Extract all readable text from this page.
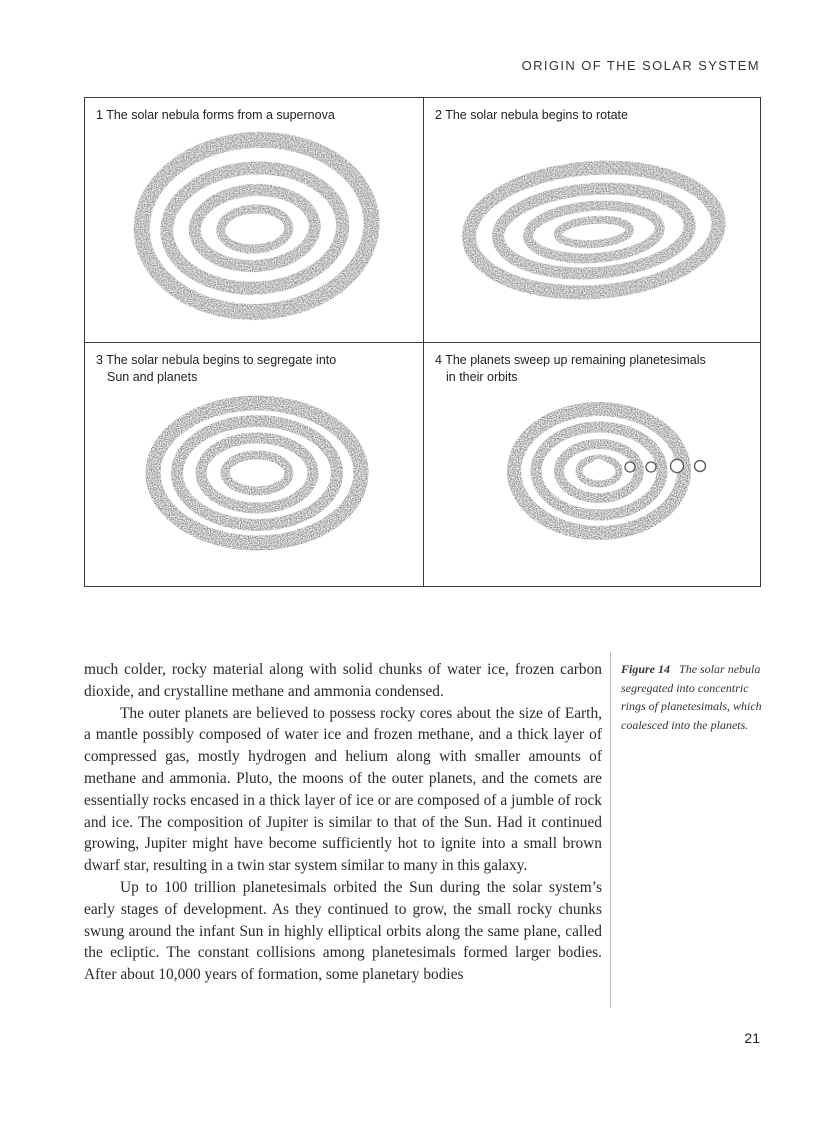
ORIGIN OF THE SOLAR SYSTEM
1 The solar nebula forms from a supernova	2 The solar nebula begins to rotate
3 The solar nebula begins to segregate into
Sun and planets
4 The planets sweep up remaining planetesimals
in their orbits

much colder, rocky material along with solid chunks of water ice, frozen carbon dioxide, and crystalline methane and ammonia condensed.

The outer planets are believed to possess rocky cores about the size of Earth, a mantle possibly composed of water ice and frozen methane, and a thick layer of compressed gas, mostly hydrogen and helium along with smaller amounts of methane and ammonia. Pluto, the moons of the outer planets, and the comets are essentially rocks encased in a thick layer of ice or are composed of a jumble of rock and ice. The composition of Jupiter is similar to that of the Sun. Had it continued growing, Jupiter might have become sufficiently hot to ignite into a small brown dwarf star, resulting in a twin star system similar to many in this galaxy.

Up to 100 trillion planetesimals orbited the Sun during the solar system’s early stages of development. As they continued to grow, the small rocky chunks swung around the infant Sun in highly elliptical orbits along the same plane, called the ecliptic. The constant collisions among planetesimals formed larger bodies. After about 10,000 years of formation, some planetary bodies

Figure 14 The solar nebula segregated into concentric rings of planetesimals, which coalesced into the planets.
21
